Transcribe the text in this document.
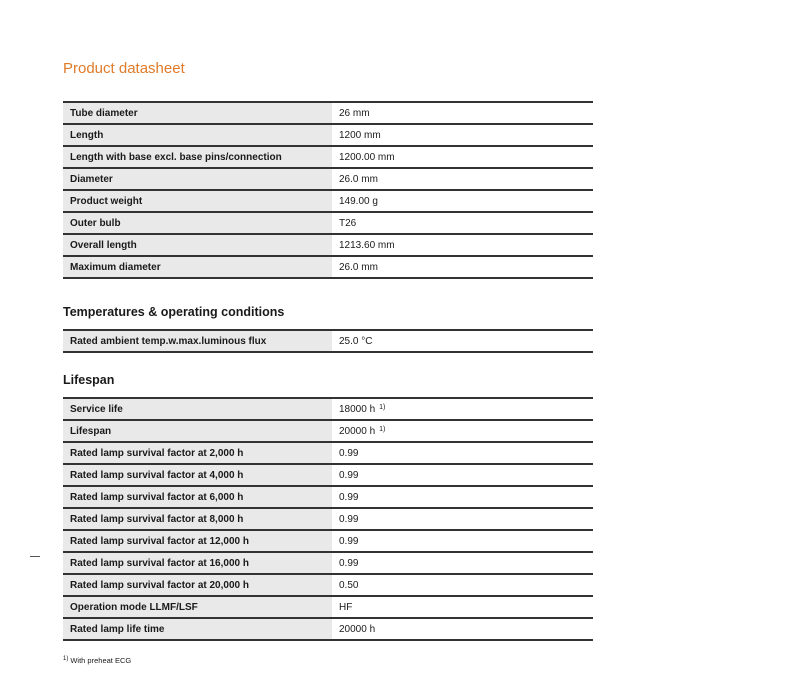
Product datasheet
Tube diameter	26 mm
Length	1200 mm
Length with base excl. base pins/connection	1200.00 mm
Diameter	26.0 mm
Product weight	149.00 g
Outer bulb	T26
Overall length	1213.60 mm
Maximum diameter	26.0 mm
Temperatures & operating conditions
Rated ambient temp.w.max.luminous flux	25.0 °C
Lifespan
Service life	18000 h $^{1)}$
Lifespan	20000 h $^{1)}$
Rated lamp survival factor at 2,000 h	0.99
Rated lamp survival factor at 4,000 h	0.99
Rated lamp survival factor at 6,000 h	0.99
Rated lamp survival factor at 8,000 h	0.99
Rated lamp survival factor at 12,000 h	0.99
Rated lamp survival factor at 16,000 h	0.99
Rated lamp survival factor at 20,000 h	0.50
Operation mode LLMF/LSF	HF
Rated lamp life time	20000 h
$^{1)}$ With preheat ECG
